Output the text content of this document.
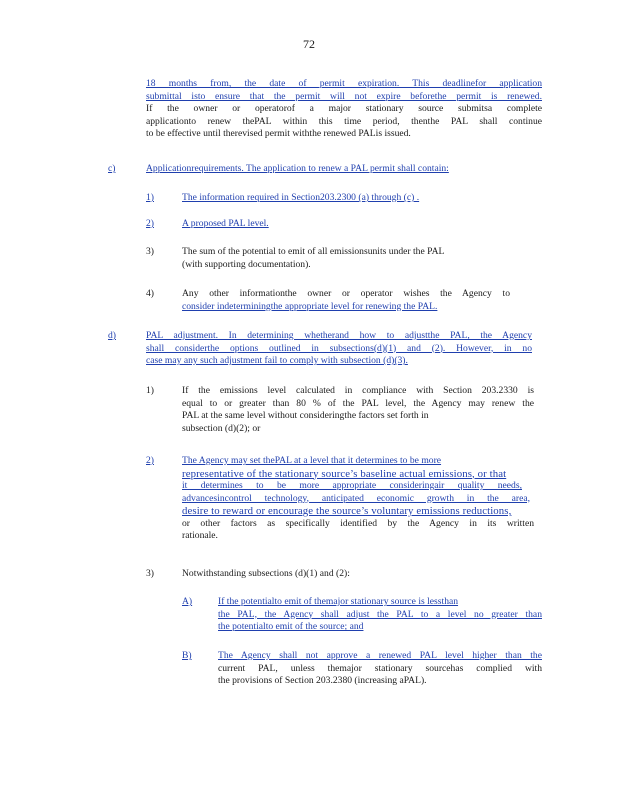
72
18 months from, the date of permit expiration. This deadlinefor application
submittal isto ensure that the permit will not expire beforethe permit is renewed.
If the owner or operatorof a major stationary source submitsa complete
applicationto renew thePAL within this time period, thenthe PAL shall continue
to be effective until therevised permit withthe renewed PALis issued.
c)	Applicationrequirements. The application to renew a PAL permit shall contain:
1)	The information required in Section203.2300 (a) through (c) .
2)	A proposed PAL level.
3)	The sum of the potential to emit of all emissionsunits under the PAL
(with supporting documentation).
4)	Any other informationthe owner or operator wishes the Agency to
consider indeterminingthe appropriate level for renewing the PAL.
d)	PAL adjustment. In determining whetherand how to adjustthe PAL, the Agency
shall considerthe options outlined in subsections(d)(1) and (2). However, in no
case may any such adjustment fail to comply with subsection (d)(3).
1)	If the emissions level calculated in compliance with Section 203.2330 is
equal to or greater than 80 % of the PAL level, the Agency may renew the
PAL at the same level without consideringthe factors set forth in
subsection (d)(2); or
2)	The Agency may set thePAL at a level that it determines to be more
representative of the stationary source’s baseline actual emissions, or that
it determines to be more appropriate consideringair quality needs,
advancesincontrol technology, anticipated economic growth in the area,
desire to reward or encourage the source’s voluntary emissions reductions,
or other factors as specifically identified by the Agency in its written
rationale.
3)	Notwithstanding subsections (d)(1) and (2):
A)	If the potentialto emit of themajor stationary source is lessthan
the PAL, the Agency shall adjust the PAL to a level no greater than
the potentialto emit of the source; and
B)	The Agency shall not approve a renewed PAL level higher than the
current PAL, unless themajor stationary sourcehas complied with
the provisions of Section 203.2380 (increasing aPAL).
